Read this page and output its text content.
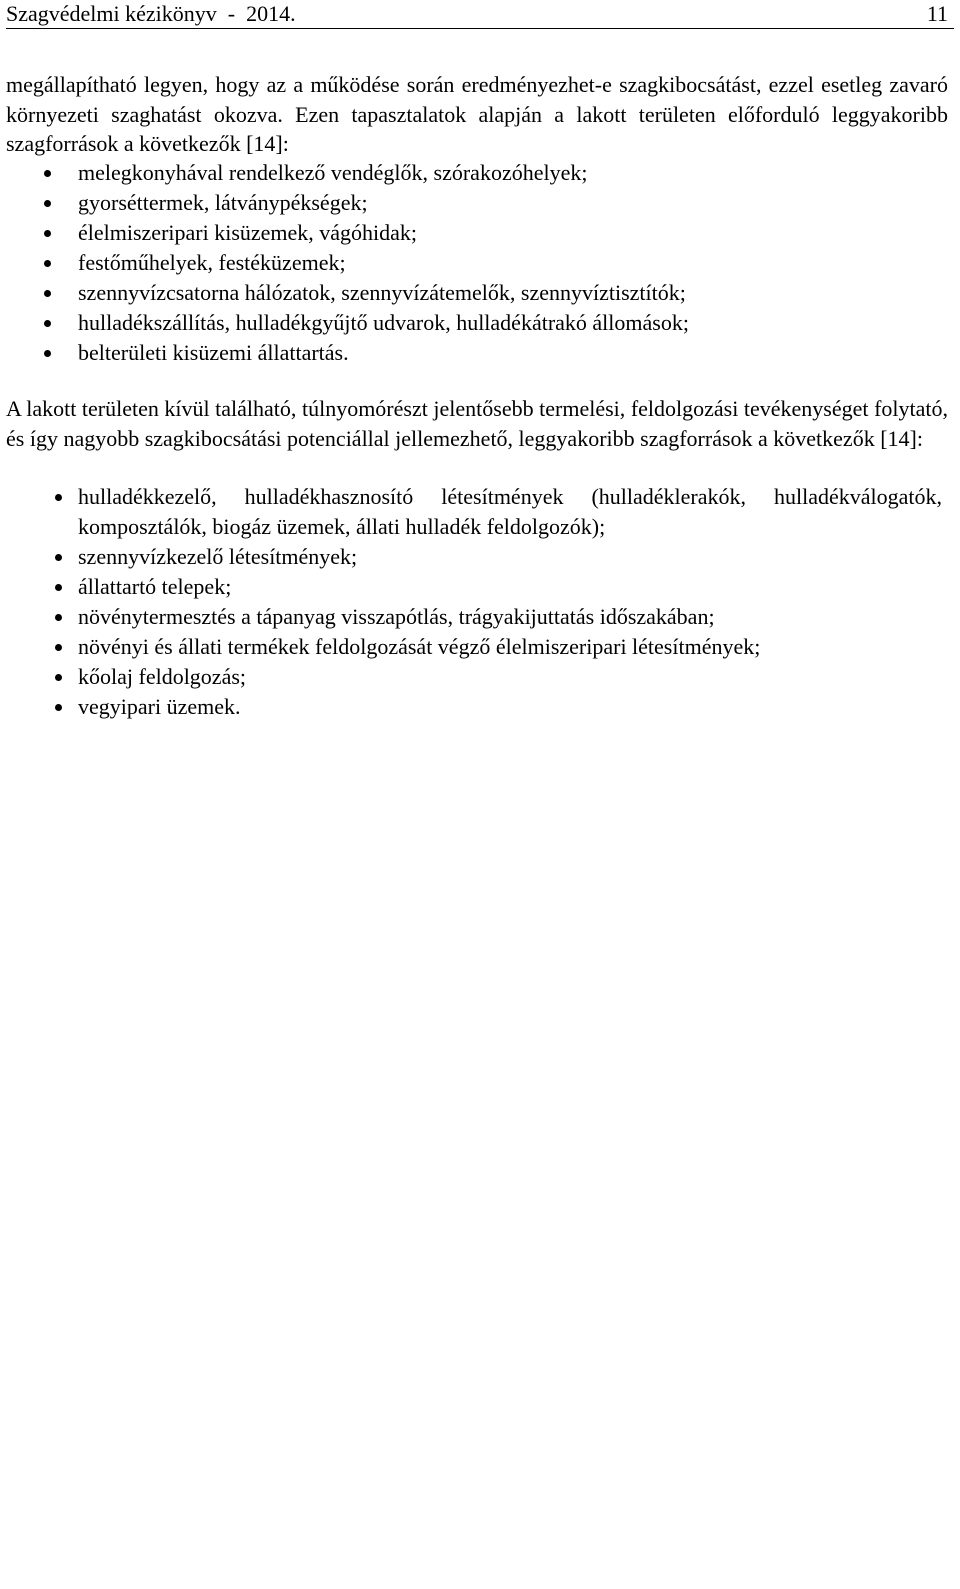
Szagvédelmi kézikönyv  -  2014.	11

megállapítható legyen, hogy az a működése során eredményezhet-e szagkibocsátást, ezzel esetleg zavaró környezeti szaghatást okozva. Ezen tapasztalatok alapján a lakott területen előforduló leggyakoribb szagforrások a következők [14]:

melegkonyhával rendelkező vendéglők, szórakozóhelyek;
gyorséttermek, látványpékségek;
élelmiszeripari kisüzemek, vágóhidak;
festőműhelyek, festéküzemek;
szennyvízcsatorna hálózatok, szennyvízátemelők, szennyvíztisztítók;
hulladékszállítás, hulladékgyűjtő udvarok, hulladékátrakó állomások;
belterületi kisüzemi állattartás.

A lakott területen kívül található, túlnyomórészt jelentősebb termelési, feldolgozási tevékenységet folytató, és így nagyobb szagkibocsátási potenciállal jellemezhető, leggyakoribb szagforrások a következők [14]:

hulladékkezelő, hulladékhasznosító létesítmények (hulladéklerakók, hulladékválogatók, komposztálók, biogáz üzemek, állati hulladék feldolgozók);
szennyvízkezelő létesítmények;
állattartó telepek;
növénytermesztés a tápanyag visszapótlás, trágyakijuttatás időszakában;
növényi és állati termékek feldolgozását végző élelmiszeripari létesítmények;
kőolaj feldolgozás;
vegyipari üzemek.
